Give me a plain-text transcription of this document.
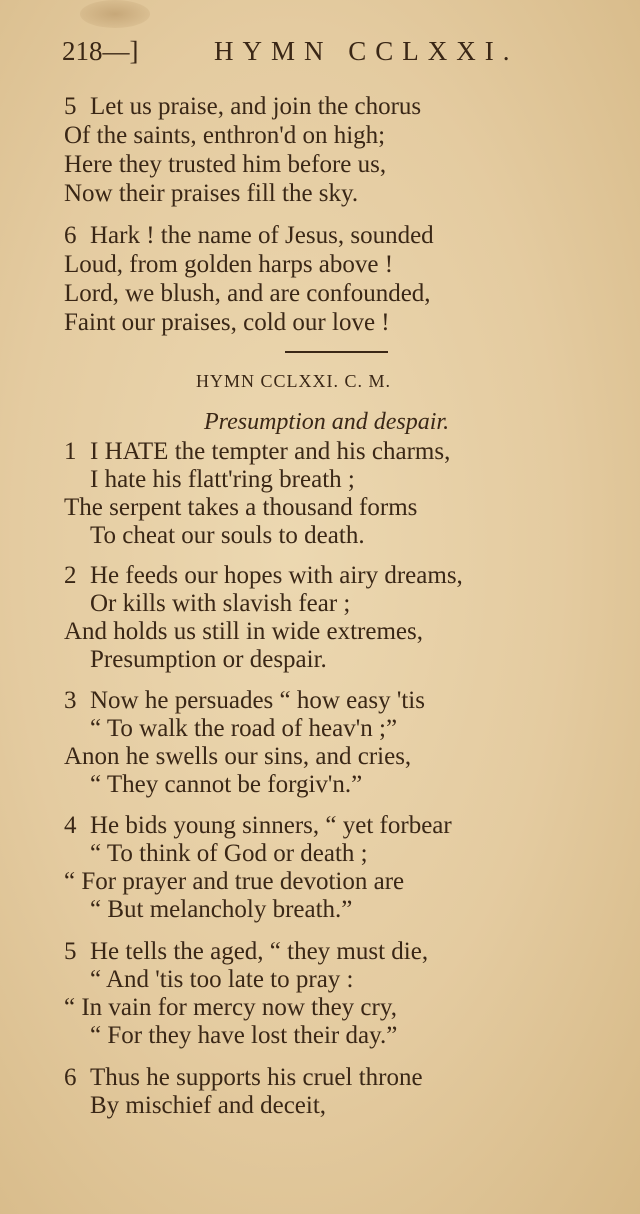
218—]	HYMN CCLXXI.
5 Let us praise, and join the chorus
Of the saints, enthron'd on high;
Here they trusted him before us,
Now their praises fill the sky.
6 Hark ! the name of Jesus, sounded
Loud, from golden harps above !
Lord, we blush, and are confounded,
Faint our praises, cold our love !
HYMN CCLXXI. C. M.
Presumption and despair.
1 I HATE the tempter and his charms,
I hate his flatt'ring breath ;
The serpent takes a thousand forms
To cheat our souls to death.
2 He feeds our hopes with airy dreams,
Or kills with slavish fear ;
And holds us still in wide extremes,
Presumption or despair.
3 Now he persuades “ how easy 'tis
“ To walk the road of heav'n ;”
Anon he swells our sins, and cries,
“ They cannot be forgiv'n.”
4 He bids young sinners, “ yet forbear
“ To think of God or death ;
“ For prayer and true devotion are
“ But melancholy breath.”
5 He tells the aged, “ they must die,
“ And 'tis too late to pray :
“ In vain for mercy now they cry,
“ For they have lost their day.”
6 Thus he supports his cruel throne
By mischief and deceit,
